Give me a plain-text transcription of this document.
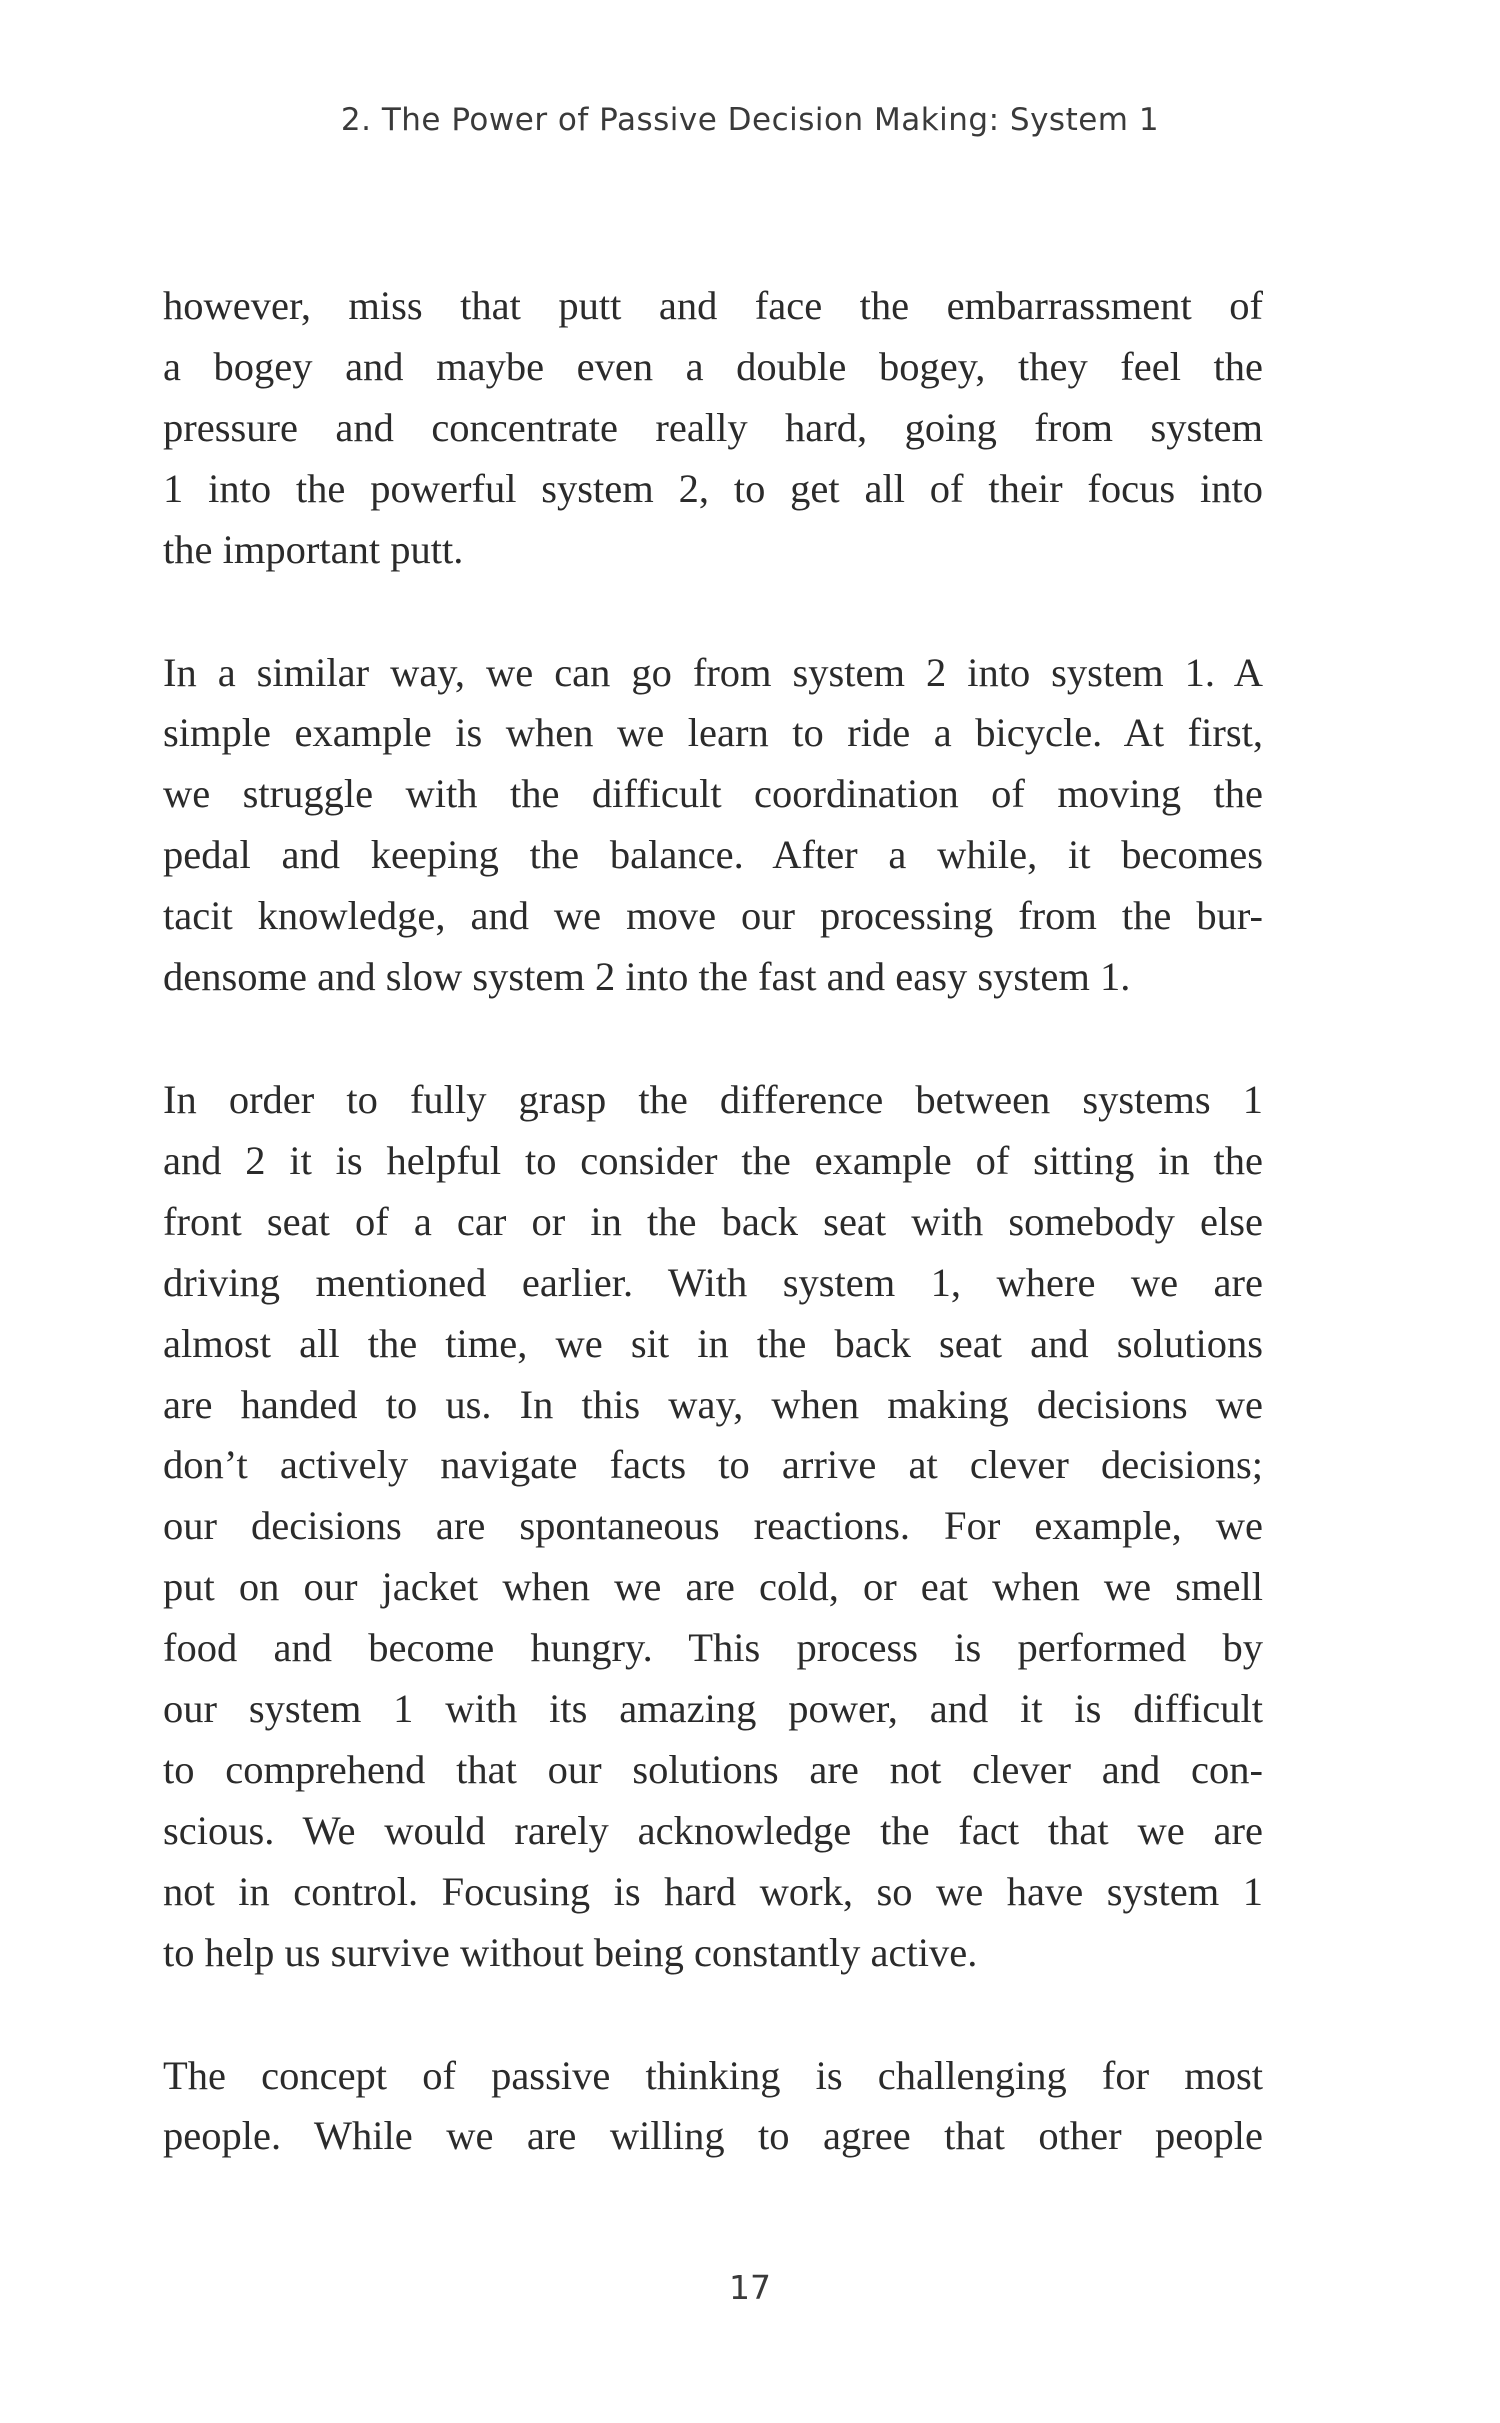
2. The Power of Passive Decision Making: System 1

however, miss that putt and face the embarrassment of
a bogey and maybe even a double bogey, they feel the
pressure and concentrate really hard, going from system
1 into the powerful system 2, to get all of their focus into
the important putt.

In a similar way, we can go from system 2 into system 1. A
simple example is when we learn to ride a bicycle. At first,
we struggle with the difficult coordination of moving the
pedal and keeping the balance. After a while, it becomes
tacit knowledge, and we move our processing from the bur-
densome and slow system 2 into the fast and easy system 1.

In order to fully grasp the difference between systems 1
and 2 it is helpful to consider the example of sitting in the
front seat of a car or in the back seat with somebody else
driving mentioned earlier. With system 1, where we are
almost all the time, we sit in the back seat and solutions
are handed to us. In this way, when making decisions we
don’t actively navigate facts to arrive at clever decisions;
our decisions are spontaneous reactions. For example, we
put on our jacket when we are cold, or eat when we smell
food and become hungry. This process is performed by
our system 1 with its amazing power, and it is difficult
to comprehend that our solutions are not clever and con-
scious. We would rarely acknowledge the fact that we are
not in control. Focusing is hard work, so we have system 1
to help us survive without being constantly active.

The concept of passive thinking is challenging for most
people. While we are willing to agree that other people

17
